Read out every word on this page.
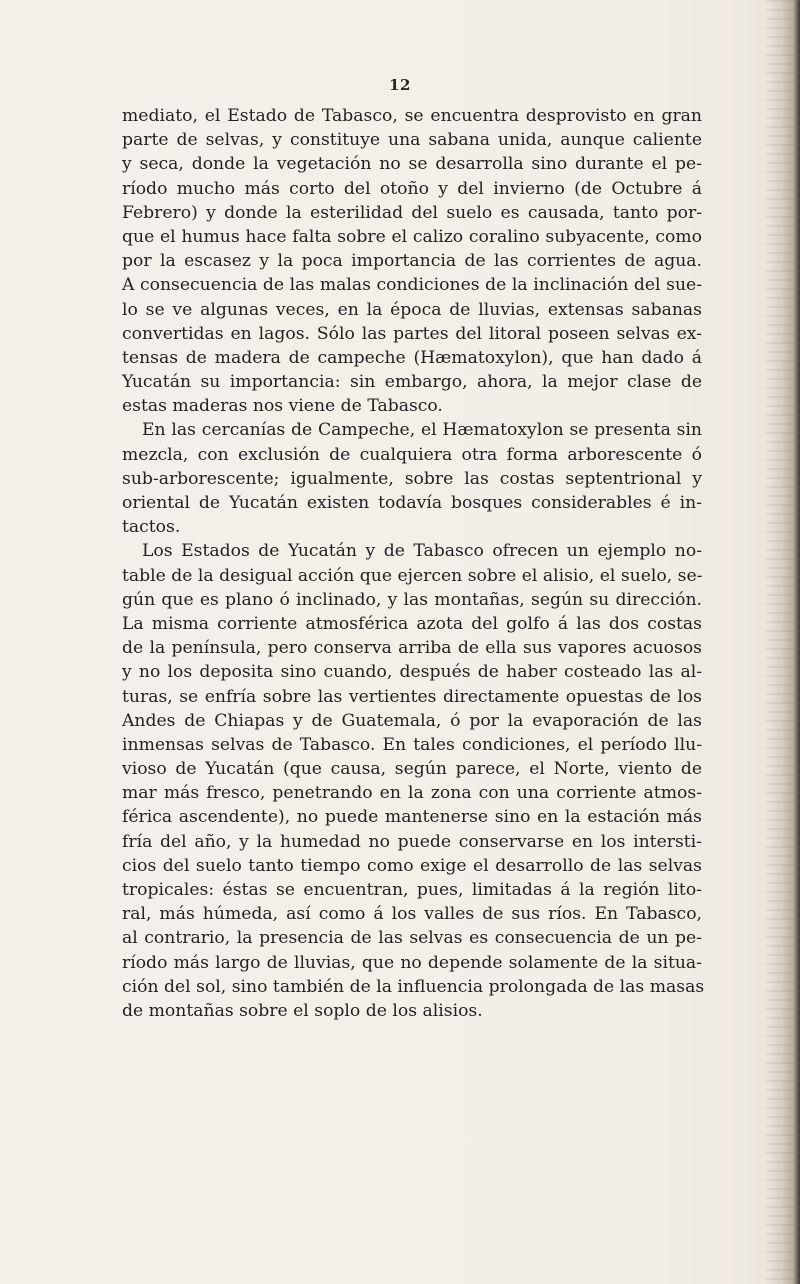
12
mediato, el Estado de Tabasco, se encuentra desprovisto en gran
parte de selvas, y constituye una sabana unida, aunque caliente
y seca, donde la vegetación no se desarrolla sino durante el pe-
ríodo mucho más corto del otoño y del invierno (de Octubre á
Febrero) y donde la esterilidad del suelo es causada, tanto por-
que el humus hace falta sobre el calizo coralino subyacente, como
por la escasez y la poca importancia de las corrientes de agua.
A consecuencia de las malas condiciones de la inclinación del sue-
lo se ve algunas veces, en la época de lluvias, extensas sabanas
convertidas en lagos. Sólo las partes del litoral poseen selvas ex-
tensas de madera de campeche (Hæmatoxylon), que han dado á
Yucatán su importancia: sin embargo, ahora, la mejor clase de
estas maderas nos viene de Tabasco.
En las cercanías de Campeche, el Hæmatoxylon se presenta sin
mezcla, con exclusión de cualquiera otra forma arborescente ó
sub-arborescente; igualmente, sobre las costas septentrional y
oriental de Yucatán existen todavía bosques considerables é in-
tactos.
Los Estados de Yucatán y de Tabasco ofrecen un ejemplo no-
table de la desigual acción que ejercen sobre el alisio, el suelo, se-
gún que es plano ó inclinado, y las montañas, según su dirección.
La misma corriente atmosférica azota del golfo á las dos costas
de la península, pero conserva arriba de ella sus vapores acuosos
y no los deposita sino cuando, después de haber costeado las al-
turas, se enfría sobre las vertientes directamente opuestas de los
Andes de Chiapas y de Guatemala, ó por la evaporación de las
inmensas selvas de Tabasco. En tales condiciones, el período llu-
vioso de Yucatán (que causa, según parece, el Norte, viento de
mar más fresco, penetrando en la zona con una corriente atmos-
férica ascendente), no puede mantenerse sino en la estación más
fría del año, y la humedad no puede conservarse en los intersti-
cios del suelo tanto tiempo como exige el desarrollo de las selvas
tropicales: éstas se encuentran, pues, limitadas á la región lito-
ral, más húmeda, así como á los valles de sus ríos. En Tabasco,
al contrario, la presencia de las selvas es consecuencia de un pe-
ríodo más largo de lluvias, que no depende solamente de la situa-
ción del sol, sino también de la influencia prolongada de las masas
de montañas sobre el soplo de los alisios.
